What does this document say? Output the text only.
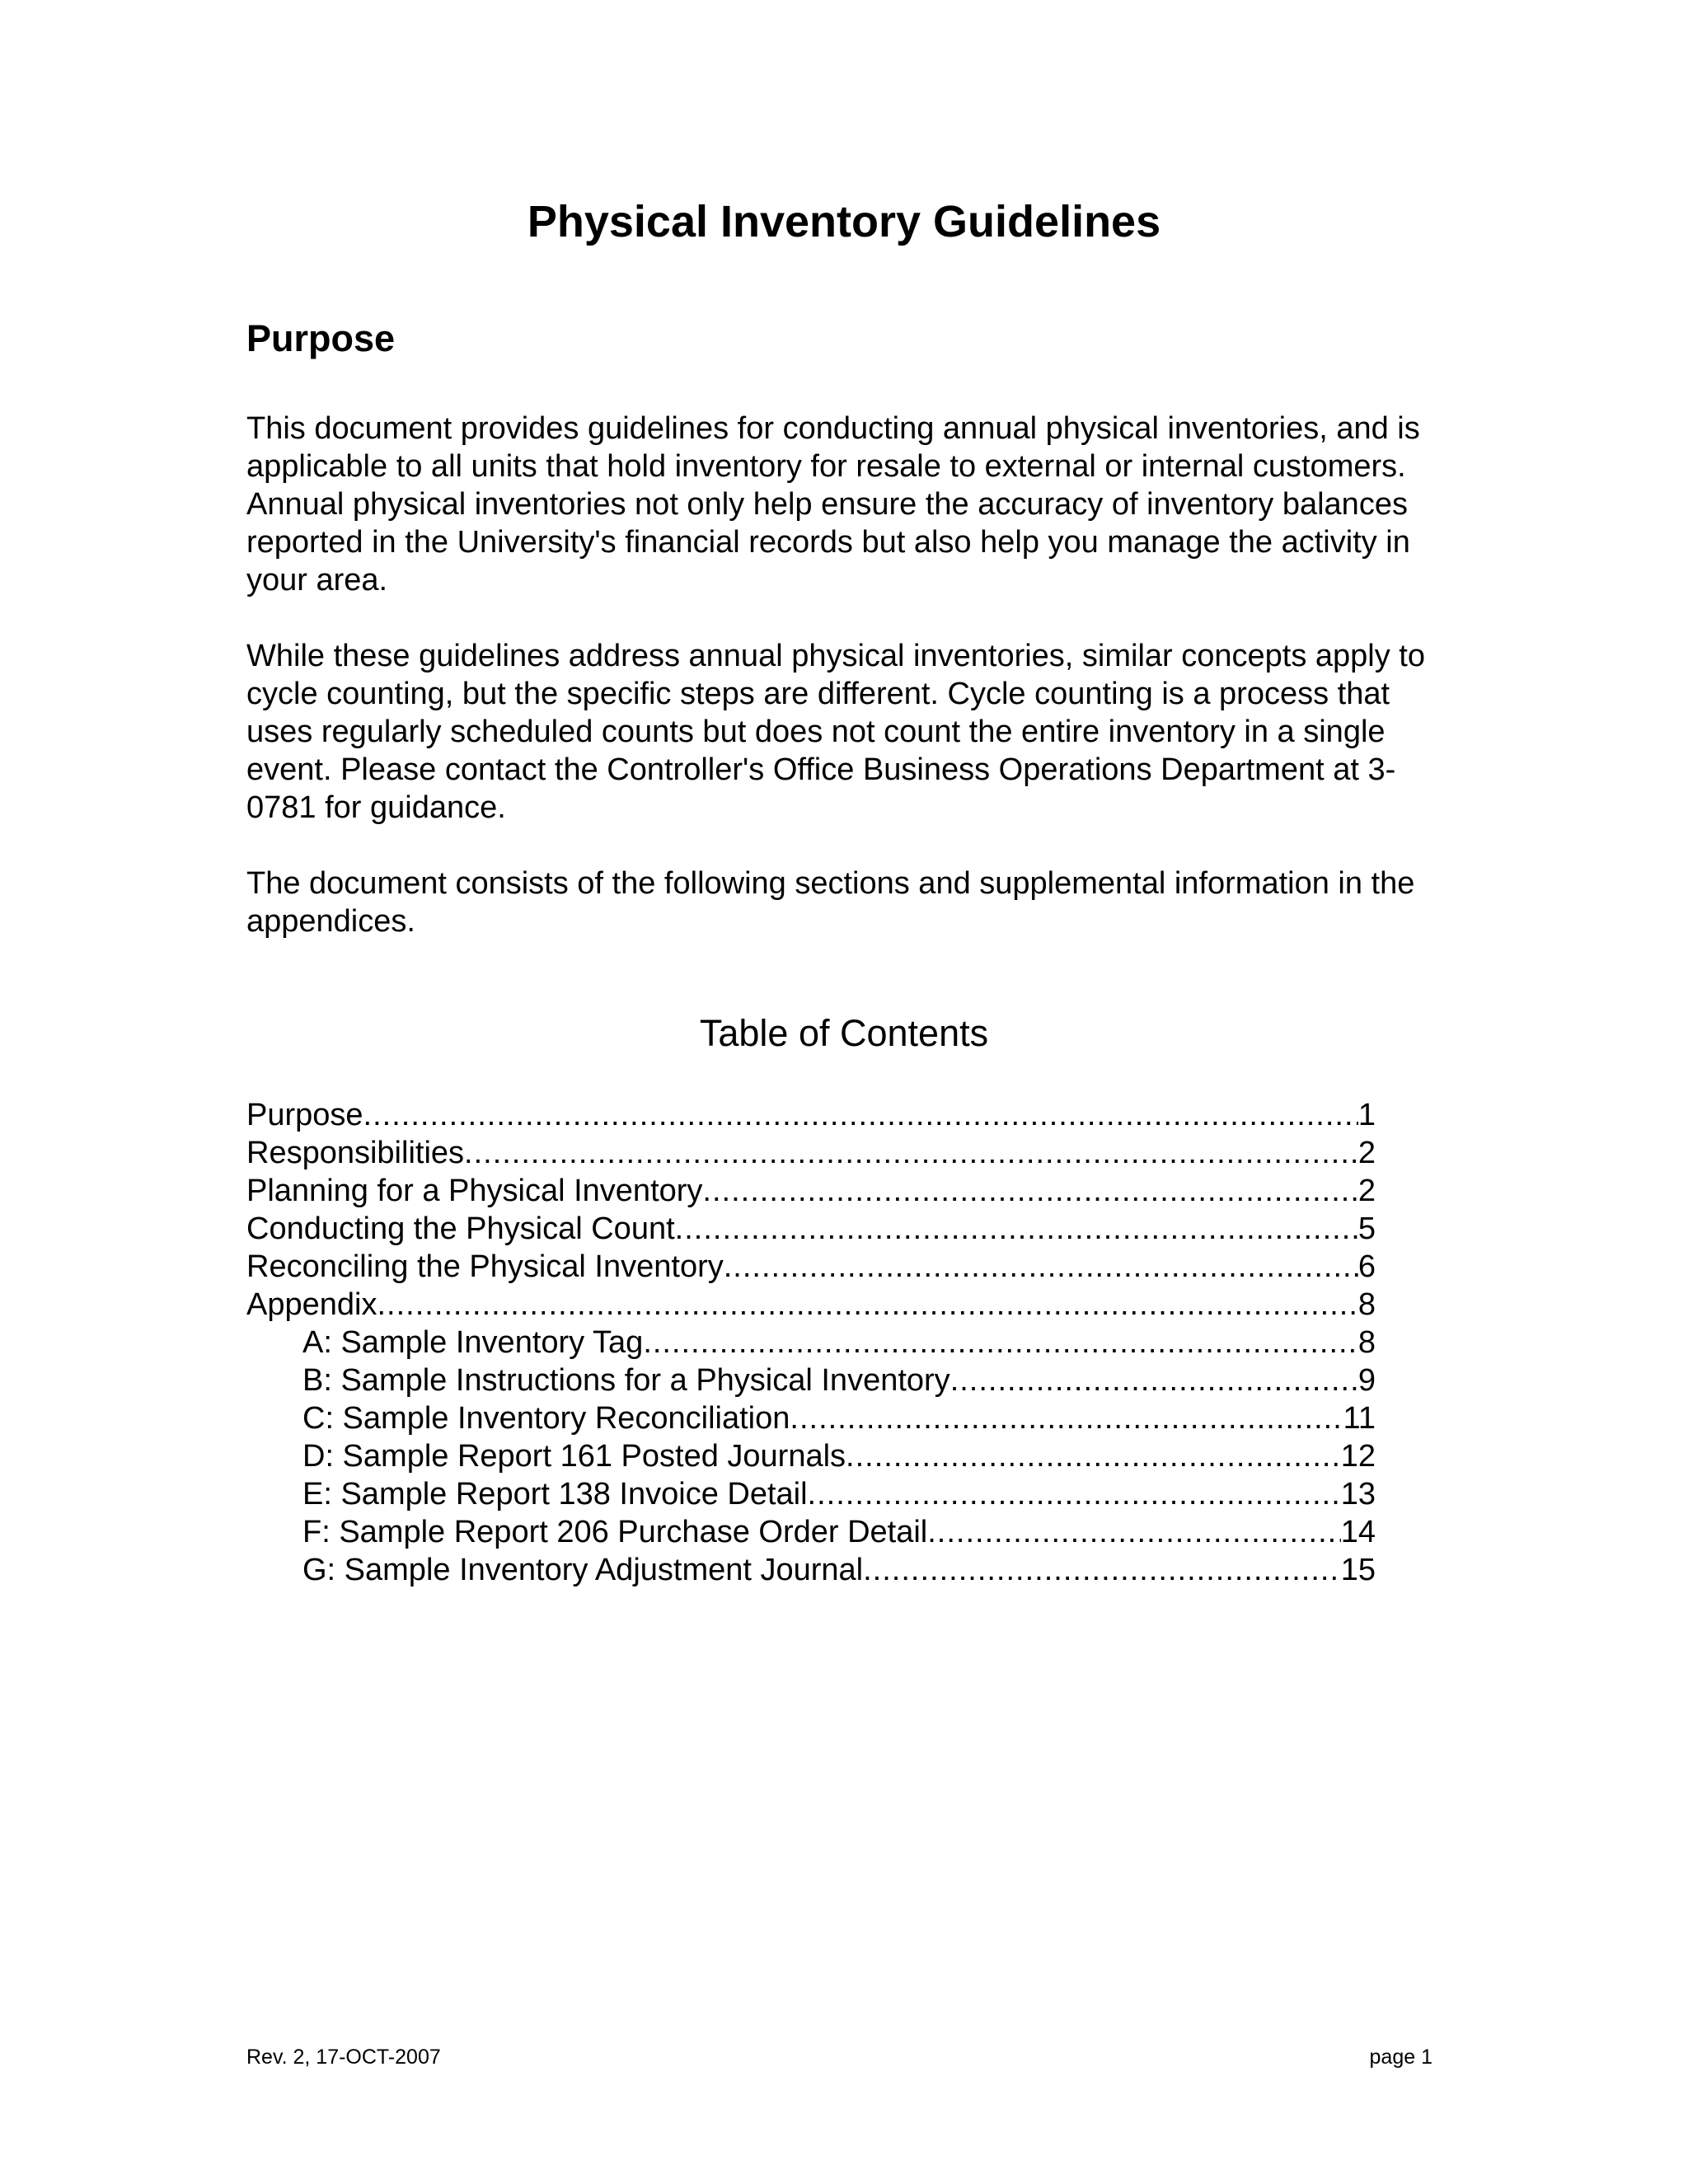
Physical Inventory Guidelines
Purpose

This document provides guidelines for conducting annual physical inventories, and is applicable to all units that hold inventory for resale to external or internal customers. Annual physical inventories not only help ensure the accuracy of inventory balances reported in the University's financial records but also help you manage the activity in your area.

While these guidelines address annual physical inventories, similar concepts apply to cycle counting, but the specific steps are different. Cycle counting is a process that uses regularly scheduled counts but does not count the entire inventory in a single event. Please contact the Controller's Office Business Operations Department at 3-0781 for guidance.

The document consists of the following sections and supplemental information in the appendices.

Table of Contents
Purpose .....	1
Responsibilities .....	2
Planning for a Physical Inventory .....	2
Conducting the Physical Count .....	5
Reconciling the Physical Inventory .....	6
Appendix .....	8
A: Sample Inventory Tag .....	8
B: Sample Instructions for a Physical Inventory .....	9
C: Sample Inventory Reconciliation .....	11
D: Sample Report 161 Posted Journals .....	12
E: Sample Report 138 Invoice Detail .....	13
F: Sample Report 206 Purchase Order Detail .....	14
G: Sample Inventory Adjustment Journal .....	15

Rev. 2, 17-OCT-2007	page 1
